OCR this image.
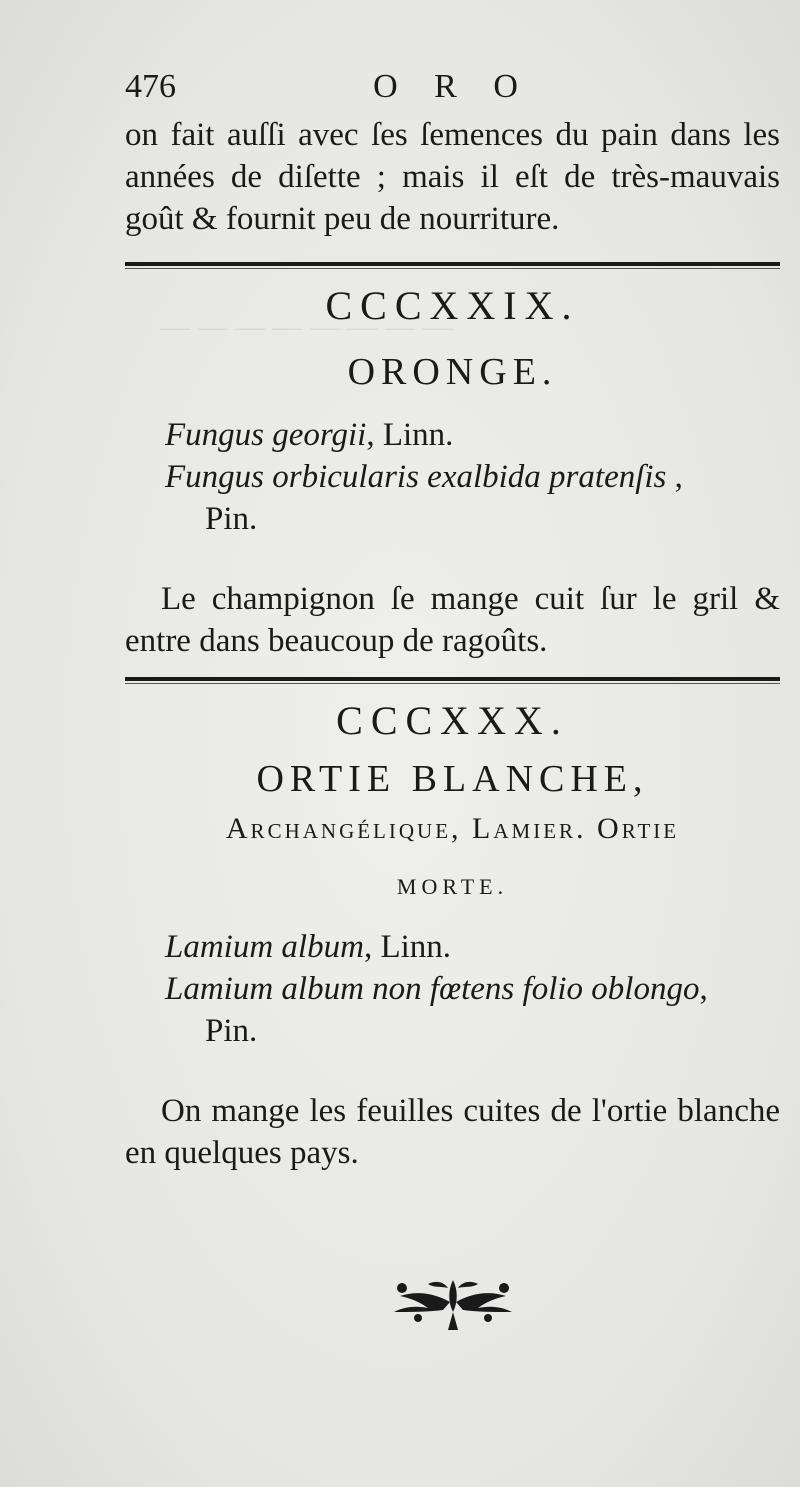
— — — — — — — —
476	O R O

on fait auſſi avec ſes ſemences du pain dans les années de diſette ; mais il eſt de très-mauvais goût & fournit peu de nourriture.

CCCXXIX.
ORONGE.

Fungus georgii, Linn.

Fungus orbicularis exalbida pratenſis ,
Pin.

Le champignon ſe mange cuit ſur le gril & entre dans beaucoup de ragoûts.

CCCXXX.
ORTIE BLANCHE,
Archangélique, Lamier. Ortie
MORTE.

Lamium album, Linn.

Lamium album non fœtens folio oblongo,
Pin.

On mange les feuilles cuites de l'ortie blanche en quelques pays.
